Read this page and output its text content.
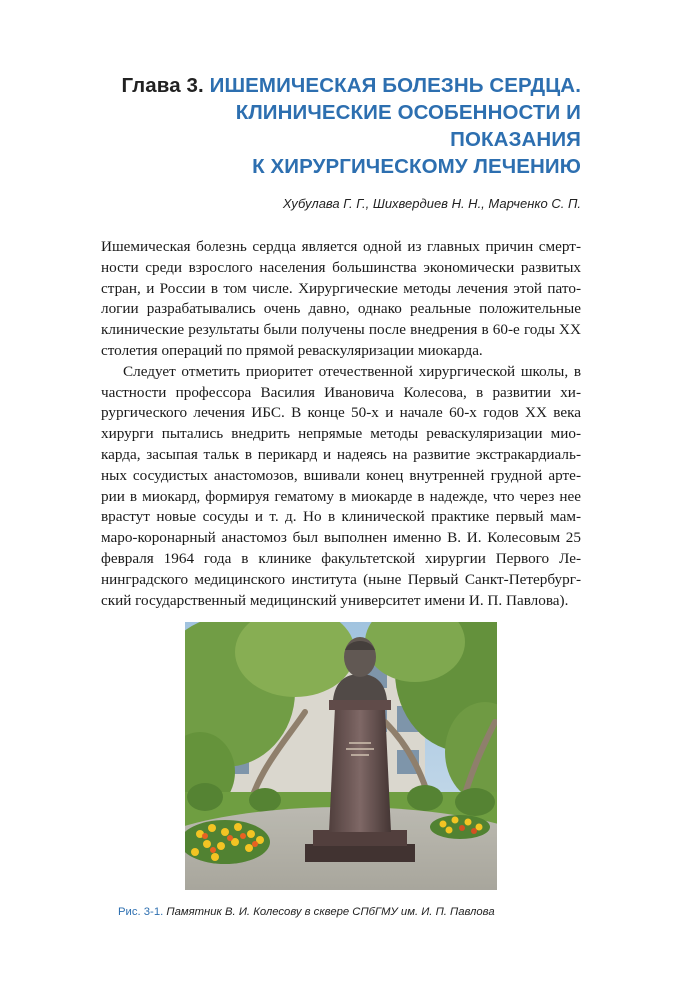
Глава 3. ИШЕМИЧЕСКАЯ БОЛЕЗНЬ СЕРДЦА.
КЛИНИЧЕСКИЕ ОСОБЕННОСТИ И ПОКАЗАНИЯ
К ХИРУРГИЧЕСКОМУ ЛЕЧЕНИЮ
Хубулава Г. Г., Шихвердиев Н. Н., Марченко С. П.

Ишемическая болезнь сердца является одной из главных причин смертности среди взрослого населения большинства экономически развитых стран, и России в том числе. Хирургические методы лечения этой патологии разрабатывались очень давно, однако реальные положительные клинические результаты были получены после внедрения в 60-е годы XX столетия операций по прямой реваскуляризации миокарда.

Следует отметить приоритет отечественной хирургической школы, в частности профессора Василия Ивановича Колесова, в развитии хирургического лечения ИБС. В конце 50-х и начале 60-х годов XX века хирурги пытались внедрить непрямые методы реваскуляризации миокарда, засыпая тальк в перикард и надеясь на развитие экстракардиальных сосудистых анастомозов, вшивали конец внутренней грудной артерии в миокард, формируя гематому в миокарде в надежде, что через нее врастут новые сосуды и т. д. Но в клинической практике первый маммаро-коронарный анастомоз был выполнен именно В. И. Колесовым 25 февраля 1964 года в клинике факультетской хирургии Первого Ленинградского медицинского института (ныне Первый Санкт-Петербургский государственный медицинский университет имени И. П. Павлова).

Рис. 3-1. Памятник В. И. Колесову в сквере СПбГМУ им. И. П. Павлова
